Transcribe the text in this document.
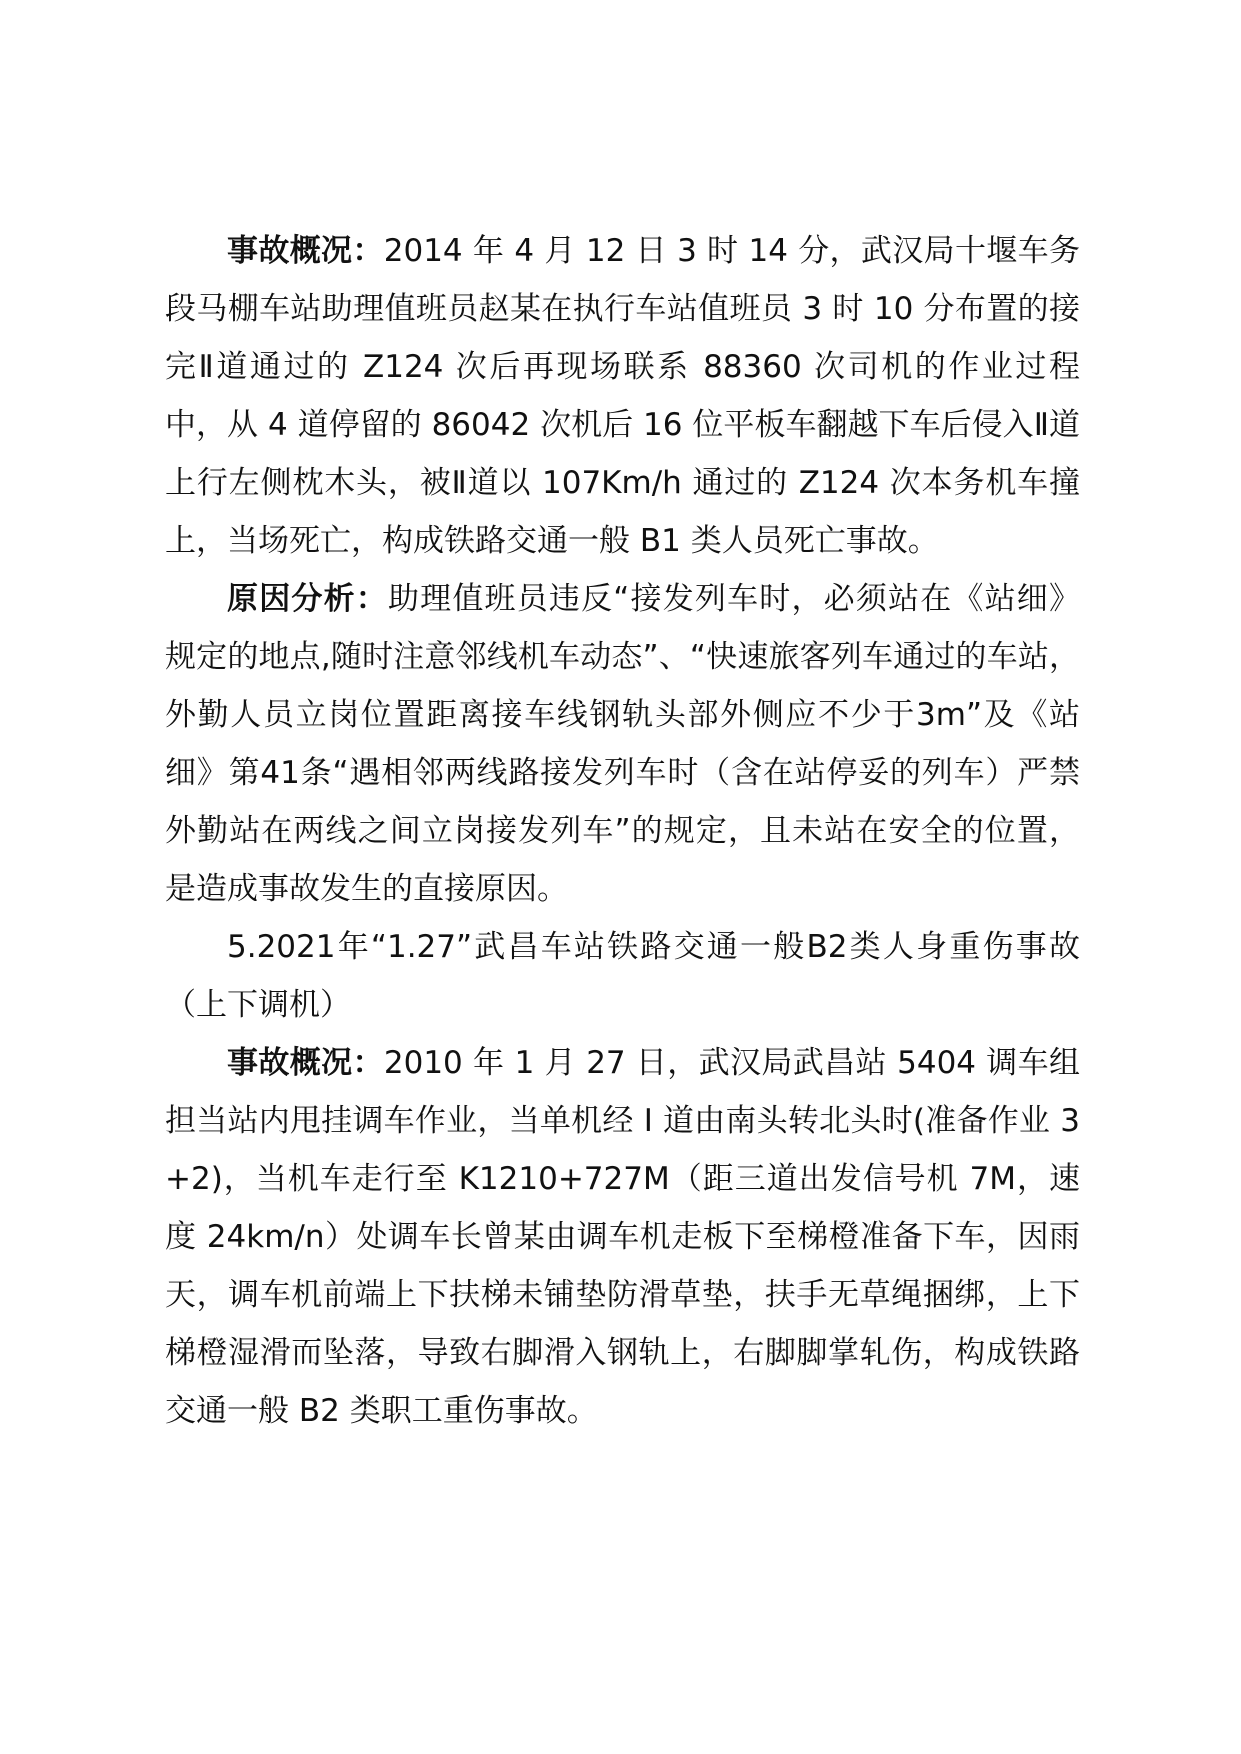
事故概况：2014 年 4 月 12 日 3 时 14 分，武汉局十堰车务段马棚车站助理值班员赵某在执行车站值班员 3 时 10 分布置的接完Ⅱ道通过的 Z124 次后再现场联系 88360 次司机的作业过程中，从 4 道停留的 86042 次机后 16 位平板车翻越下车后侵入Ⅱ道上行左侧枕木头，被Ⅱ道以 107Km/h 通过的 Z124 次本务机车撞上，当场死亡，构成铁路交通一般 B1 类人员死亡事故。

原因分析：助理值班员违反“接发列车时，必须站在《站细》规定的地点,随时注意邻线机车动态”、“快速旅客列车通过的车站，外勤人员立岗位置距离接车线钢轨头部外侧应不少于3m”及《站细》第41条“遇相邻两线路接发列车时（含在站停妥的列车）严禁外勤站在两线之间立岗接发列车”的规定，且未站在安全的位置，是造成事故发生的直接原因。

5.2021年“1.27”武昌车站铁路交通一般B2类人身重伤事故（上下调机）

事故概况：2010 年 1 月 27 日，武汉局武昌站 5404 调车组担当站内甩挂调车作业，当单机经 I 道由南头转北头时(准备作业 3+2)，当机车走行至 K1210+727M（距三道出发信号机 7M，速度 24km/n）处调车长曾某由调车机走板下至梯橙准备下车，因雨天，调车机前端上下扶梯未铺垫防滑草垫，扶手无草绳捆绑，上下梯橙湿滑而坠落，导致右脚滑入钢轨上，右脚脚掌轧伤，构成铁路交通一般 B2 类职工重伤事故。
